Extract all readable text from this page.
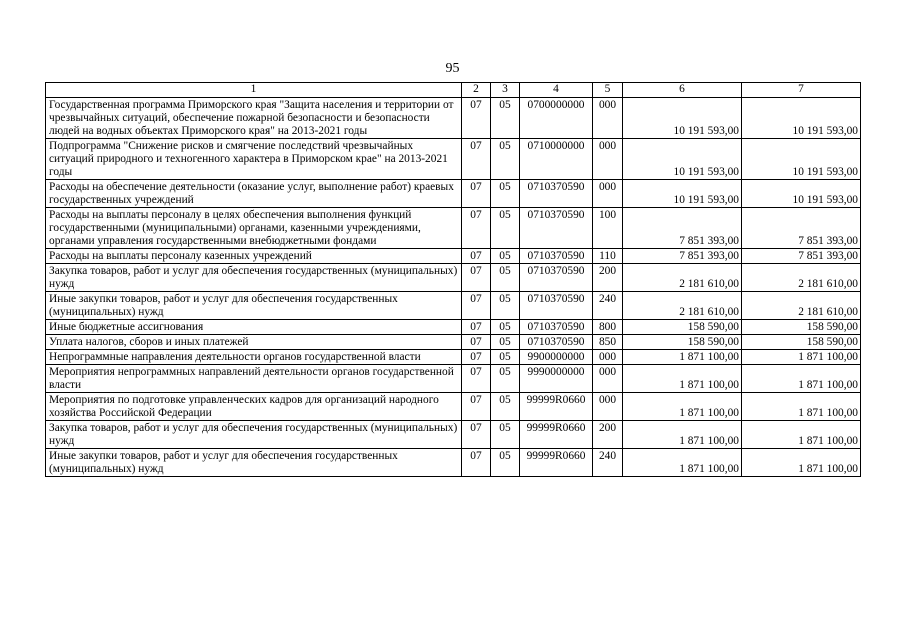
95
1	2	3	4	5	6	7
Государственная программа Приморского края "Защита населения и территории от чрезвычайных ситуаций, обеспечение пожарной безопасности и безопасности людей на водных объектах Приморского края" на 2013-2021 годы	07	05	0700000000	000	10 191 593,00	10 191 593,00
Подпрограмма "Снижение рисков и смягчение последствий чрезвычайных ситуаций природного и техногенного характера в Приморском крае" на 2013-2021 годы	07	05	0710000000	000	10 191 593,00	10 191 593,00
Расходы на обеспечение деятельности (оказание услуг, выполнение работ) краевых государственных учреждений	07	05	0710370590	000	10 191 593,00	10 191 593,00
Расходы на выплаты персоналу в целях обеспечения выполнения функций государственными (муниципальными) органами, казенными учреждениями, органами управления государственными внебюджетными фондами	07	05	0710370590	100	7 851 393,00	7 851 393,00
Расходы на выплаты персоналу казенных учреждений	07	05	0710370590	110	7 851 393,00	7 851 393,00
Закупка товаров, работ и услуг для обеспечения государственных (муниципальных) нужд	07	05	0710370590	200	2 181 610,00	2 181 610,00
Иные закупки товаров, работ и услуг для обеспечения государственных (муниципальных) нужд	07	05	0710370590	240	2 181 610,00	2 181 610,00
Иные бюджетные ассигнования	07	05	0710370590	800	158 590,00	158 590,00
Уплата налогов, сборов и иных платежей	07	05	0710370590	850	158 590,00	158 590,00
Непрограммные направления деятельности органов государственной власти	07	05	9900000000	000	1 871 100,00	1 871 100,00
Мероприятия непрограммных направлений деятельности органов государственной власти	07	05	9990000000	000	1 871 100,00	1 871 100,00
Мероприятия по подготовке управленческих кадров для организаций народного хозяйства Российской Федерации	07	05	99999R0660	000	1 871 100,00	1 871 100,00
Закупка товаров, работ и услуг для обеспечения государственных (муниципальных) нужд	07	05	99999R0660	200	1 871 100,00	1 871 100,00
Иные закупки товаров, работ и услуг для обеспечения государственных (муниципальных) нужд	07	05	99999R0660	240	1 871 100,00	1 871 100,00
